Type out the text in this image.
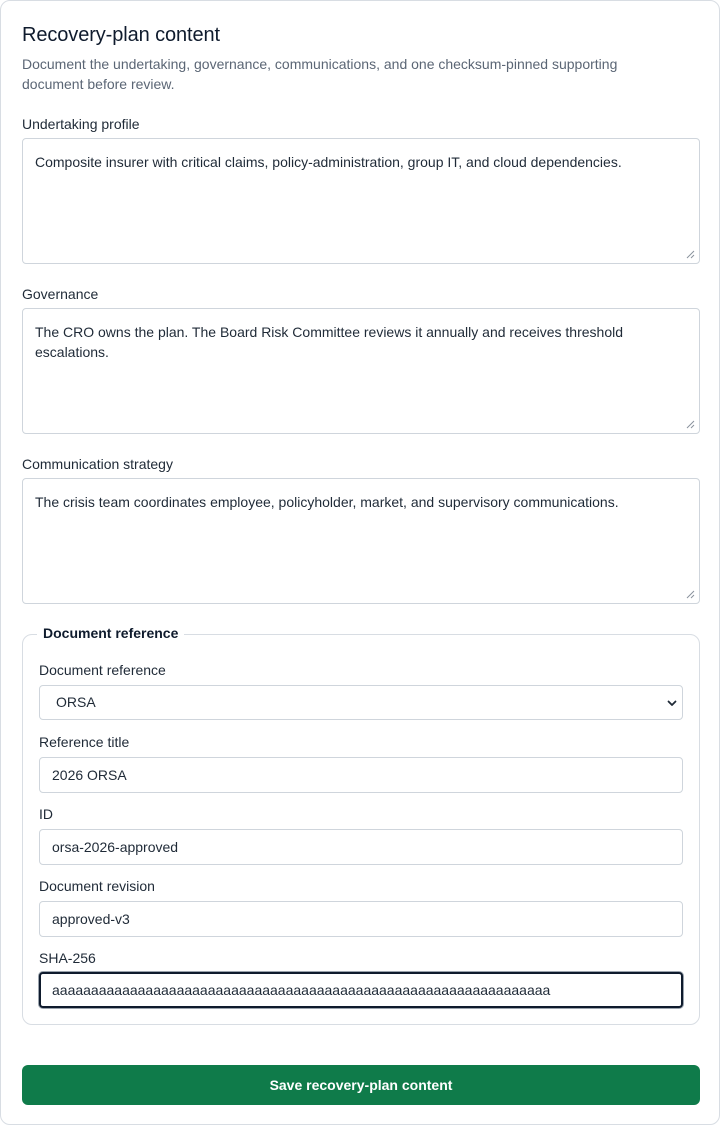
Recovery-plan content

Document the undertaking, governance, communications, and one checksum-pinned supporting document before review.

Undertaking profile
Composite insurer with critical claims, policy-administration, group IT, and cloud dependencies.
Governance
The CRO owns the plan. The Board Risk Committee reviews it annually and receives threshold escalations.
Communication strategy
The crisis team coordinates employee, policyholder, market, and supervisory communications.
Document reference
Document reference
ORSA
Reference title
2026 ORSA
ID
orsa-2026-approved
Document revision
approved-v3
SHA-256
aaaaaaaaaaaaaaaaaaaaaaaaaaaaaaaaaaaaaaaaaaaaaaaaaaaaaaaaaaaaaaaa
Save recovery-plan content
